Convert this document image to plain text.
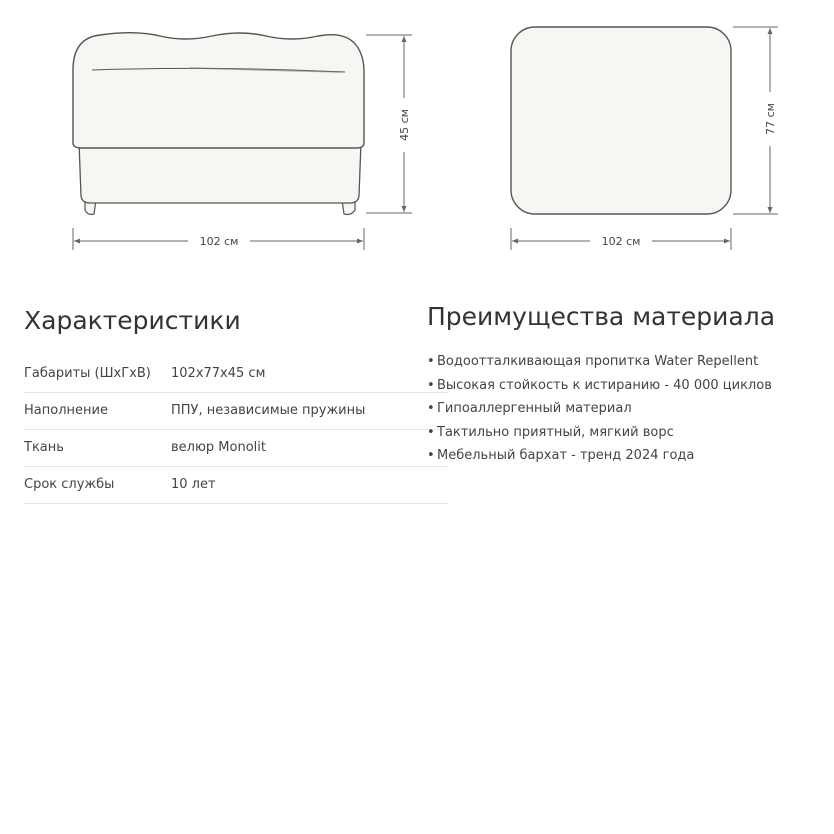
102 см
45 см
102 см
77 см
Характеристики
Габариты (ШхГхВ) 102х77х45 см
Наполнение	ППУ, независимые пружины
Ткань	велюр Monolit
Срок службы	10 лет
Преимущества материала
• Водоотталкивающая пропитка Water Repellent
• Высокая стойкость к истиранию - 40 000 циклов
• Гипоаллергенный материал
• Тактильно приятный, мягкий ворс
• Мебельный бархат - тренд 2024 года
